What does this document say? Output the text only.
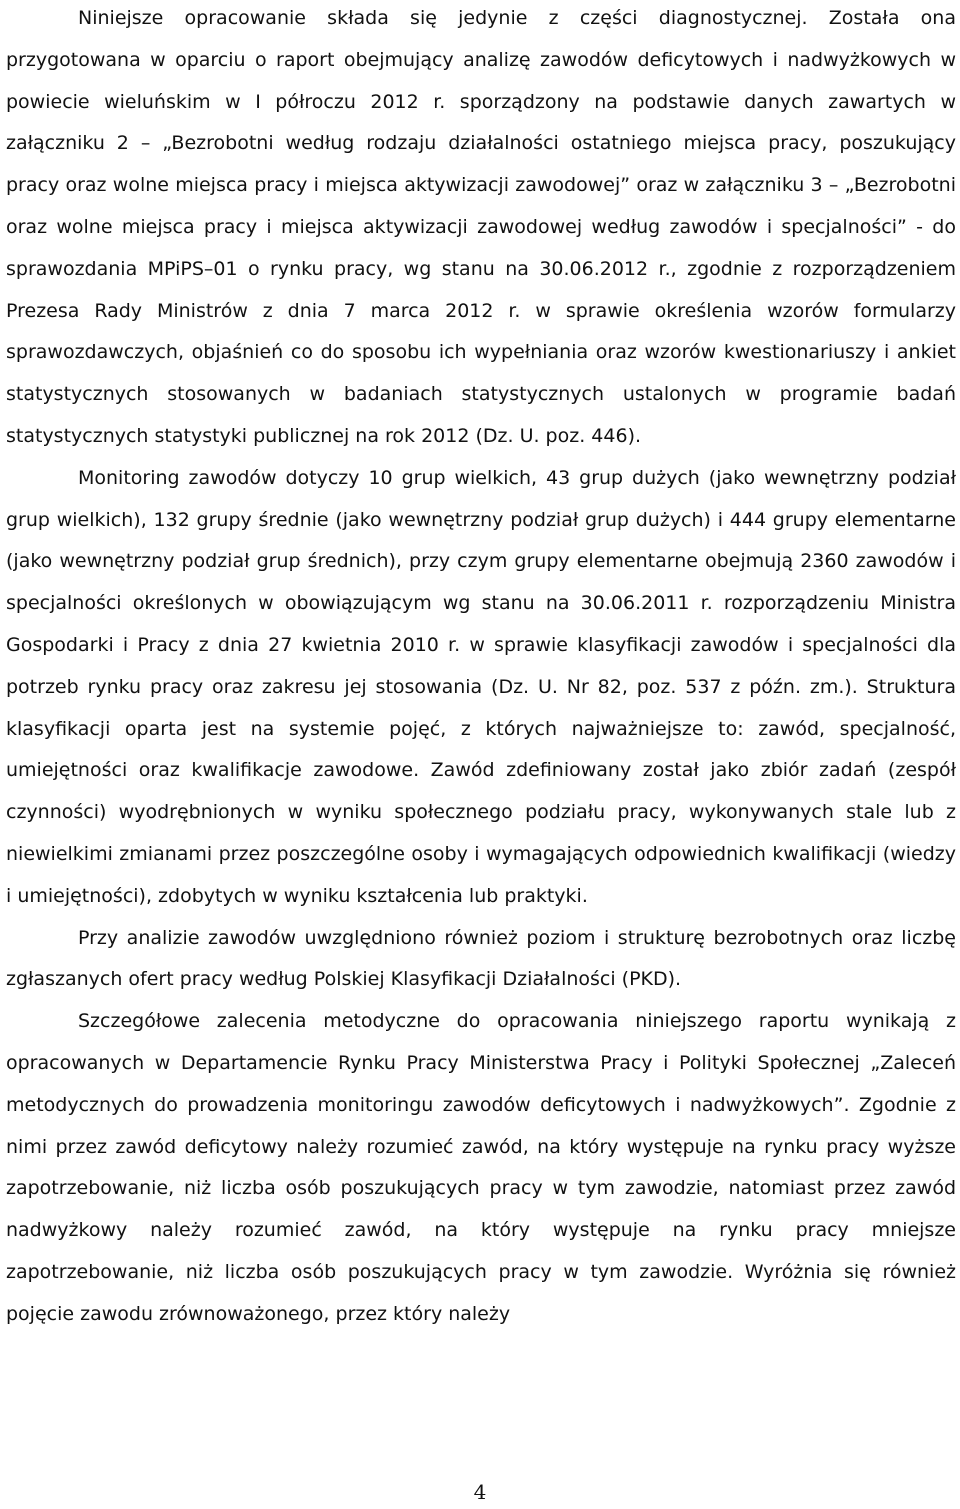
Niniejsze opracowanie składa się jedynie z części diagnostycznej. Została ona przygotowana w oparciu o raport obejmujący analizę zawodów deficytowych i nadwyżkowych w powiecie wieluńskim w I półroczu 2012 r. sporządzony na podstawie danych zawartych w załączniku 2 – „Bezrobotni według rodzaju działalności ostatniego miejsca pracy, poszukujący pracy oraz wolne miejsca pracy i miejsca aktywizacji zawodowej” oraz w załączniku 3 – „Bezrobotni oraz wolne miejsca pracy i miejsca aktywizacji zawodowej według zawodów i specjalności” - do sprawozdania MPiPS–01 o rynku pracy, wg stanu na 30.06.2012 r., zgodnie z rozporządzeniem Prezesa Rady Ministrów z dnia 7 marca 2012 r. w sprawie określenia wzorów formularzy sprawozdawczych, objaśnień co do sposobu ich wypełniania oraz wzorów kwestionariuszy i ankiet statystycznych stosowanych w badaniach statystycznych ustalonych w programie badań statystycznych statystyki publicznej na rok 2012 (Dz. U. poz. 446).

Monitoring zawodów dotyczy 10 grup wielkich, 43 grup dużych (jako wewnętrzny podział grup wielkich), 132 grupy średnie (jako wewnętrzny podział grup dużych) i 444 grupy elementarne (jako wewnętrzny podział grup średnich), przy czym grupy elementarne obejmują 2360 zawodów i specjalności określonych w obowiązującym wg stanu na 30.06.2011 r. rozporządzeniu Ministra Gospodarki i Pracy z dnia 27 kwietnia 2010 r. w sprawie klasyfikacji zawodów i specjalności dla potrzeb rynku pracy oraz zakresu jej stosowania (Dz. U. Nr 82, poz. 537 z późn. zm.). Struktura klasyfikacji oparta jest na systemie pojęć, z których najważniejsze to: zawód, specjalność, umiejętności oraz kwalifikacje zawodowe. Zawód zdefiniowany został jako zbiór zadań (zespół czynności) wyodrębnionych w wyniku społecznego podziału pracy, wykonywanych stale lub z niewielkimi zmianami przez poszczególne osoby i wymagających odpowiednich kwalifikacji (wiedzy i umiejętności), zdobytych w wyniku kształcenia lub praktyki.

Przy analizie zawodów uwzględniono również poziom i strukturę bezrobotnych oraz liczbę zgłaszanych ofert pracy według Polskiej Klasyfikacji Działalności (PKD).

Szczegółowe zalecenia metodyczne do opracowania niniejszego raportu wynikają z opracowanych w Departamencie Rynku Pracy Ministerstwa Pracy i Polityki Społecznej „Zaleceń metodycznych do prowadzenia monitoringu zawodów deficytowych i nadwyżkowych”. Zgodnie z nimi przez zawód deficytowy należy rozumieć zawód, na który występuje na rynku pracy wyższe zapotrzebowanie, niż liczba osób poszukujących pracy w tym zawodzie, natomiast przez zawód nadwyżkowy należy rozumieć zawód, na który występuje na rynku pracy mniejsze zapotrzebowanie, niż liczba osób poszukujących pracy w tym zawodzie. Wyróżnia się również pojęcie zawodu zrównoważonego, przez który należy

4
